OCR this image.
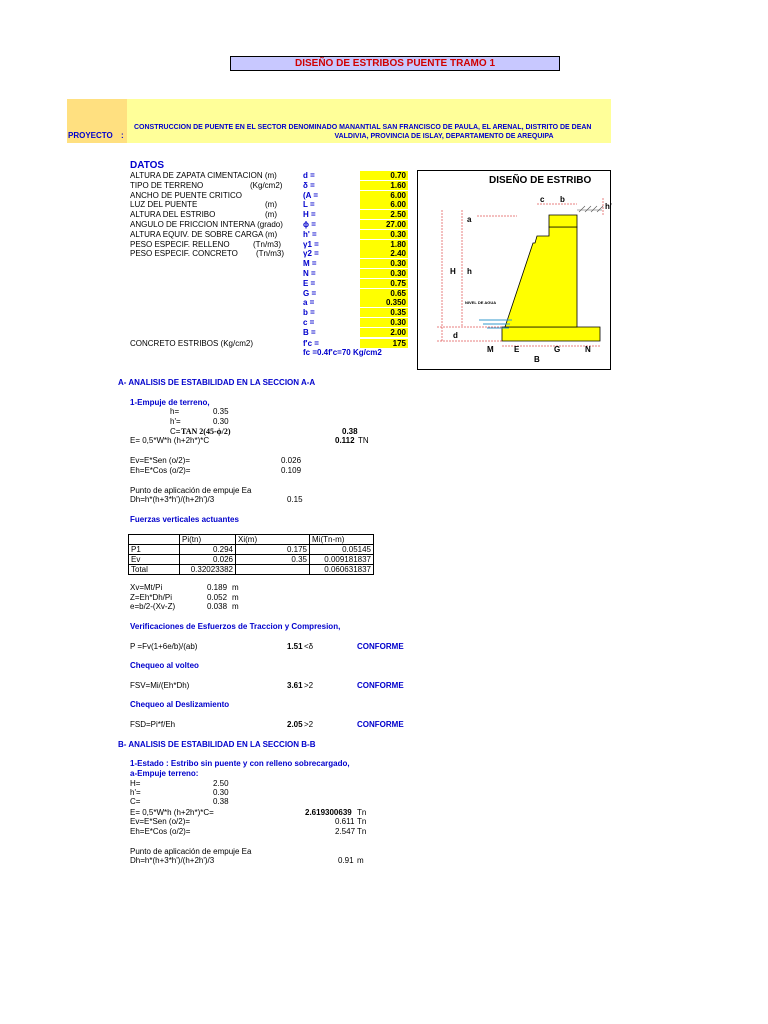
DISEÑO DE ESTRIBOS PUENTE TRAMO 1
PROYECTO :
CONSTRUCCION DE PUENTE EN EL SECTOR DENOMINADO MANANTIAL SAN FRANCISCO DE PAULA, EL ARENAL, DISTRITO DE DEAN
VALDIVIA, PROVINCIA DE ISLAY, DEPARTAMENTO DE AREQUIPA
DATOS
ALTURA DE ZAPATA CIMENTACION (m)	d =	0.70
TIPO DE TERRENO	(Kg/cm2)	δ =	1.60
ANCHO DE PUENTE CRITICO	(A =	6.00
LUZ DEL PUENTE	(m)	L =	6.00
ALTURA DEL ESTRIBO	(m)	H =	2.50
ANGULO DE FRICCION INTERNA (grado)	ϕ =	27.00
ALTURA EQUIV. DE SOBRE CARGA (m)	h' =	0.30
PESO ESPECIF. RELLENO	(Tn/m3)	γ1 =	1.80
PESO ESPECIF. CONCRETO (Tn/m3) γ2 =	2.40
M =	0.30
N =	0.30
E =	0.75
G =	0.65
a =	0.350
b =	0.35
c =	0.30
B =	2.00
CONCRETO ESTRIBOS (Kg/cm2)	f'c =	175
fc =0.4f'c=70 Kg/cm2
DISEÑO DE ESTRIBO
c b
h'
a
H h
d
M	E	G	N
B
NIVEL DE AGUA
A- ANALISIS DE ESTABILIDAD EN LA SECCION A-A
1-Empuje de terreno,
h=	0.35
h'=	0.30
C= TAN 2(45-ϕ/2)	0.38
E= 0,5*W*h (h+2h*)*C	0.112 TN
Ev=E*Sen (o/2)=	0.026
Eh=E*Cos (o/2)=	0.109
Punto de aplicación de empuje Ea
Dh=h*(h+3*h')/(h+2h')/3	0.15
Fuerzas verticales actuantes
	Pi(tn)	Xi(m)	Mi(Tn-m)
P1	0.294	0.175	0.05145
Ev	0.026	0.35	0.009181837
Total	0.32023382		0.060631837
Xv=Mt/Pi	0.189 m
Z=Eh*Dh/Pi	0.052 m
e=b/2-(Xv-Z)	0.038 m
Verificaciones de Esfuerzos de Traccion y Compresion,
P =Fv(1+6e/b)/(ab)	1.51 <δ	CONFORME
Chequeo al volteo
FSV=Mi/(Eh*Dh)	3.61 >2	CONFORME
Chequeo al Deslizamiento
FSD=Pi*f/Eh	2.05 >2	CONFORME
B- ANALISIS DE ESTABILIDAD EN LA SECCION B-B
1-Estado : Estribo sin puente y con relleno sobrecargado,
a-Empuje terreno:
H=	2.50
h'=	0.30
C=	0.38
E= 0,5*W*h (h+2h*)*C=	2.619300639 Tn
Ev=E*Sen (o/2)=	0.611 Tn
Eh=E*Cos (o/2)=	2.547 Tn
Punto de aplicación de empuje Ea
Dh=h*(h+3*h')/(h+2h')/3	0.91 m
